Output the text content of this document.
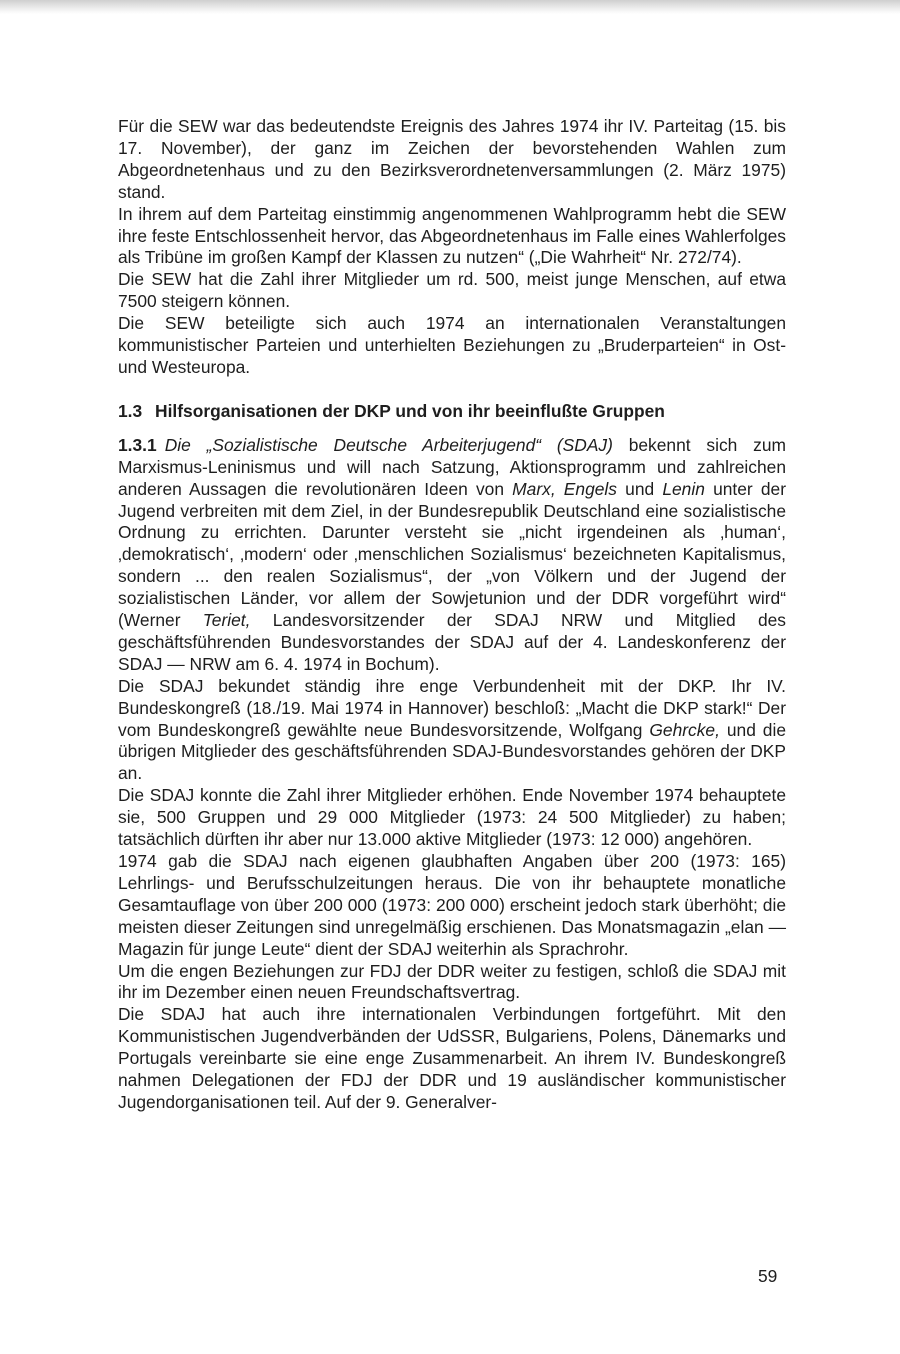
Für die SEW war das bedeutendste Ereignis des Jahres 1974 ihr IV. Parteitag (15. bis 17. November), der ganz im Zeichen der bevorstehenden Wahlen zum Abgeordnetenhaus und zu den Bezirksverordnetenversammlungen (2. März 1975) stand.

In ihrem auf dem Parteitag einstimmig angenommenen Wahlprogramm hebt die SEW ihre feste Entschlossenheit hervor, das Abgeordnetenhaus im Falle eines Wahlerfolges als Tribüne im großen Kampf der Klassen zu nutzen“ („Die Wahrheit“ Nr. 272/74).

Die SEW hat die Zahl ihrer Mitglieder um rd. 500, meist junge Menschen, auf etwa 7500 steigern können.

Die SEW beteiligte sich auch 1974 an internationalen Veranstaltungen kommunistischer Parteien und unterhielten Beziehungen zu „Bruderparteien“ in Ost- und Westeuropa.

1.3 Hilfsorganisationen der DKP und von ihr beeinflußte Gruppen

1.3.1 Die „Sozialistische Deutsche Arbeiterjugend“ (SDAJ) bekennt sich zum Marxismus-Leninismus und will nach Satzung, Aktionsprogramm und zahlreichen anderen Aussagen die revolutionären Ideen von Marx, Engels und Lenin unter der Jugend verbreiten mit dem Ziel, in der Bundesrepublik Deutschland eine sozialistische Ordnung zu errichten. Darunter versteht sie „nicht irgendeinen als ‚human‘, ‚demokratisch‘, ‚modern‘ oder ‚menschlichen Sozialismus‘ bezeichneten Kapitalismus, sondern ... den realen Sozialismus“, der „von Völkern und der Jugend der sozialistischen Länder, vor allem der Sowjetunion und der DDR vorgeführt wird“ (Werner Teriet, Landesvorsitzender der SDAJ NRW und Mitglied des geschäftsführenden Bundesvorstandes der SDAJ auf der 4. Landeskonferenz der SDAJ — NRW am 6. 4. 1974 in Bochum).

Die SDAJ bekundet ständig ihre enge Verbundenheit mit der DKP. Ihr IV. Bundeskongreß (18./19. Mai 1974 in Hannover) beschloß: „Macht die DKP stark!“ Der vom Bundeskongreß gewählte neue Bundesvorsitzende, Wolfgang Gehrcke, und die übrigen Mitglieder des geschäftsführenden SDAJ-Bundesvorstandes gehören der DKP an.

Die SDAJ konnte die Zahl ihrer Mitglieder erhöhen. Ende November 1974 behauptete sie, 500 Gruppen und 29 000 Mitglieder (1973: 24 500 Mitglieder) zu haben; tatsächlich dürften ihr aber nur 13.000 aktive Mitglieder (1973: 12 000) angehören.

1974 gab die SDAJ nach eigenen glaubhaften Angaben über 200 (1973: 165) Lehrlings- und Berufsschulzeitungen heraus. Die von ihr behauptete monatliche Gesamtauflage von über 200 000 (1973: 200 000) erscheint jedoch stark überhöht; die meisten dieser Zeitungen sind unregelmäßig erschienen. Das Monatsmagazin „elan — Magazin für junge Leute“ dient der SDAJ weiterhin als Sprachrohr.

Um die engen Beziehungen zur FDJ der DDR weiter zu festigen, schloß die SDAJ mit ihr im Dezember einen neuen Freundschaftsvertrag.

Die SDAJ hat auch ihre internationalen Verbindungen fortgeführt. Mit den Kommunistischen Jugendverbänden der UdSSR, Bulgariens, Polens, Dänemarks und Portugals vereinbarte sie eine enge Zusammenarbeit. An ihrem IV. Bundeskongreß nahmen Delegationen der FDJ der DDR und 19 ausländischer kommunistischer Jugendorganisationen teil. Auf der 9. Generalver-

59
